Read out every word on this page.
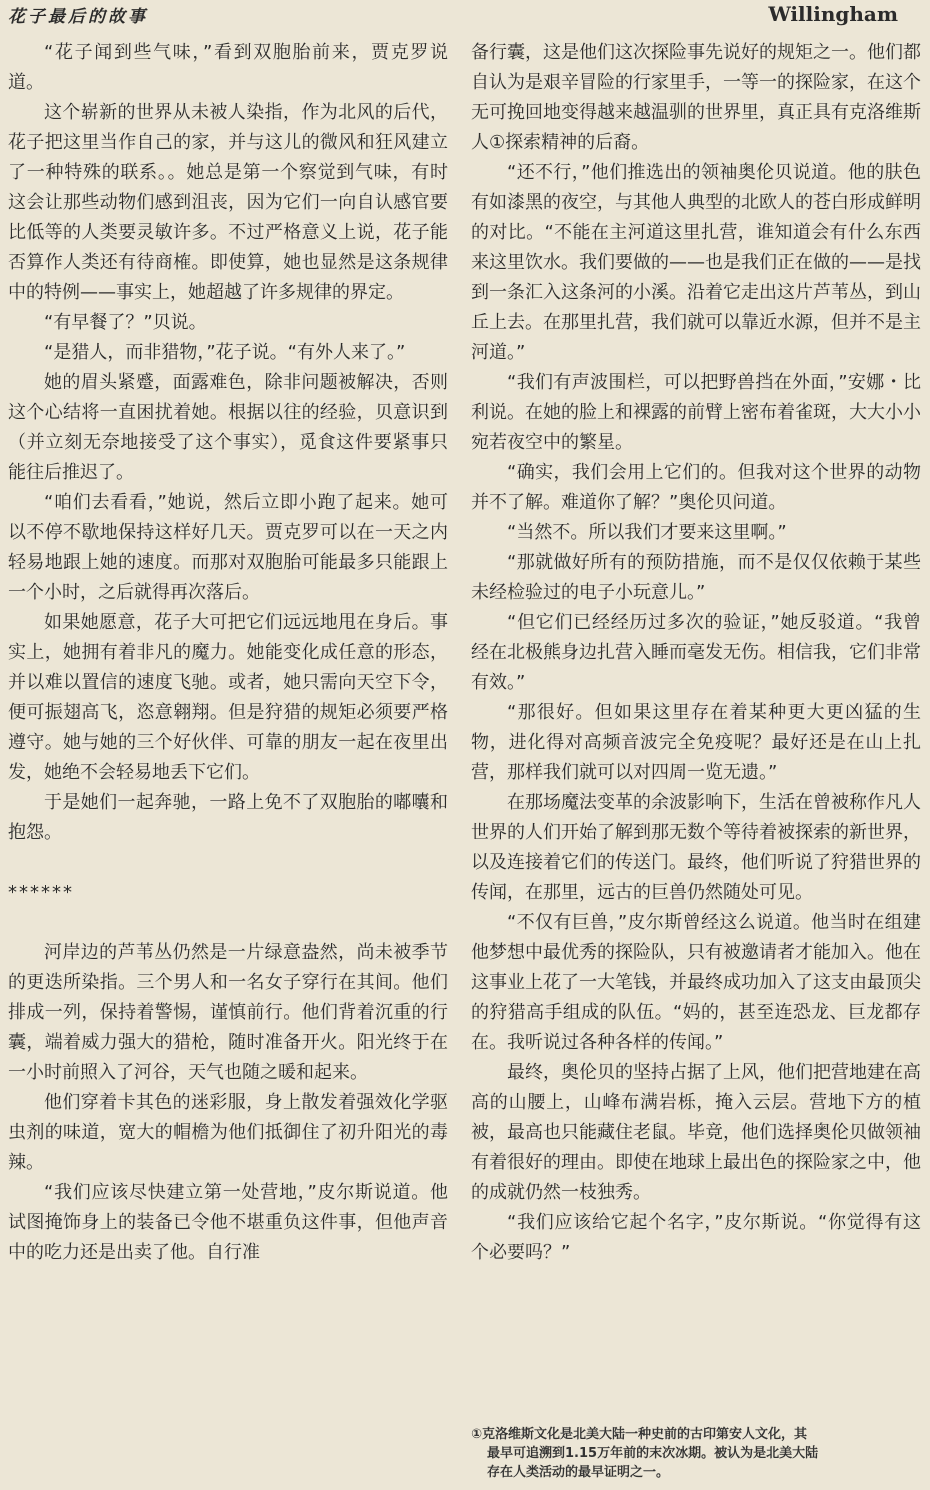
花子最后的故事	Willingham

“花子闻到些气味，”看到双胞胎前来，贾克罗说道。

这个崭新的世界从未被人染指，作为北风的后代，花子把这里当作自己的家，并与这儿的微风和狂风建立了一种特殊的联系。。她总是第一个察觉到气味，有时这会让那些动物们感到沮丧，因为它们一向自认感官要比低等的人类要灵敏许多。不过严格意义上说，花子能否算作人类还有待商榷。即使算，她也显然是这条规律中的特例——事实上，她超越了许多规律的界定。

“有早餐了？”贝说。

“是猎人，而非猎物，”花子说。“有外人来了。”

她的眉头紧蹙，面露难色，除非问题被解决，否则这个心结将一直困扰着她。根据以往的经验，贝意识到（并立刻无奈地接受了这个事实），觅食这件要紧事只能往后推迟了。

“咱们去看看，”她说，然后立即小跑了起来。她可以不停不歇地保持这样好几天。贾克罗可以在一天之内轻易地跟上她的速度。而那对双胞胎可能最多只能跟上一个小时，之后就得再次落后。

如果她愿意，花子大可把它们远远地甩在身后。事实上，她拥有着非凡的魔力。她能变化成任意的形态，并以难以置信的速度飞驰。或者，她只需向天空下令，便可振翅高飞，恣意翱翔。但是狩猎的规矩必须要严格遵守。她与她的三个好伙伴、可靠的朋友一起在夜里出发，她绝不会轻易地丢下它们。

于是她们一起奔驰，一路上免不了双胞胎的嘟囔和抱怨。

******

河岸边的芦苇丛仍然是一片绿意盎然，尚未被季节的更迭所染指。三个男人和一名女子穿行在其间。他们排成一列，保持着警惕，谨慎前行。他们背着沉重的行囊，端着威力强大的猎枪，随时准备开火。阳光终于在一小时前照入了河谷，天气也随之暖和起来。

他们穿着卡其色的迷彩服，身上散发着强效化学驱虫剂的味道，宽大的帽檐为他们抵御住了初升阳光的毒辣。

“我们应该尽快建立第一处营地，”皮尔斯说道。他试图掩饰身上的装备已令他不堪重负这件事，但他声音中的吃力还是出卖了他。自行准

备行囊，这是他们这次探险事先说好的规矩之一。他们都自认为是艰辛冒险的行家里手，一等一的探险家，在这个无可挽回地变得越来越温驯的世界里，真正具有克洛维斯人①探索精神的后裔。

“还不行，”他们推选出的领袖奥伦贝说道。他的肤色有如漆黑的夜空，与其他人典型的北欧人的苍白形成鲜明的对比。“不能在主河道这里扎营，谁知道会有什么东西来这里饮水。我们要做的——也是我们正在做的——是找到一条汇入这条河的小溪。沿着它走出这片芦苇丛，到山丘上去。在那里扎营，我们就可以靠近水源，但并不是主河道。”

“我们有声波围栏，可以把野兽挡在外面，”安娜・比利说。在她的脸上和裸露的前臂上密布着雀斑，大大小小宛若夜空中的繁星。

“确实，我们会用上它们的。但我对这个世界的动物并不了解。难道你了解？”奥伦贝问道。

“当然不。所以我们才要来这里啊。”

“那就做好所有的预防措施，而不是仅仅依赖于某些未经检验过的电子小玩意儿。”

“但它们已经经历过多次的验证，”她反驳道。“我曾经在北极熊身边扎营入睡而毫发无伤。相信我，它们非常有效。”

“那很好。但如果这里存在着某种更大更凶猛的生物，进化得对高频音波完全免疫呢？最好还是在山上扎营，那样我们就可以对四周一览无遗。”

在那场魔法变革的余波影响下，生活在曾被称作凡人世界的人们开始了解到那无数个等待着被探索的新世界，以及连接着它们的传送门。最终，他们听说了狩猎世界的传闻，在那里，远古的巨兽仍然随处可见。

“不仅有巨兽，”皮尔斯曾经这么说道。他当时在组建他梦想中最优秀的探险队，只有被邀请者才能加入。他在这事业上花了一大笔钱，并最终成功加入了这支由最顶尖的狩猎高手组成的队伍。“妈的，甚至连恐龙、巨龙都存在。我听说过各种各样的传闻。”

最终，奥伦贝的坚持占据了上风，他们把营地建在高高的山腰上，山峰布满岩栎，掩入云层。营地下方的植被，最高也只能藏住老鼠。毕竟，他们选择奥伦贝做领袖有着很好的理由。即使在地球上最出色的探险家之中，他的成就仍然一枝独秀。

“我们应该给它起个名字，”皮尔斯说。“你觉得有这个必要吗？”

①克洛维斯文化是北美大陆一种史前的古印第安人文化，其
最早可追溯到1.15万年前的末次冰期。被认为是北美大陆
存在人类活动的最早证明之一。
